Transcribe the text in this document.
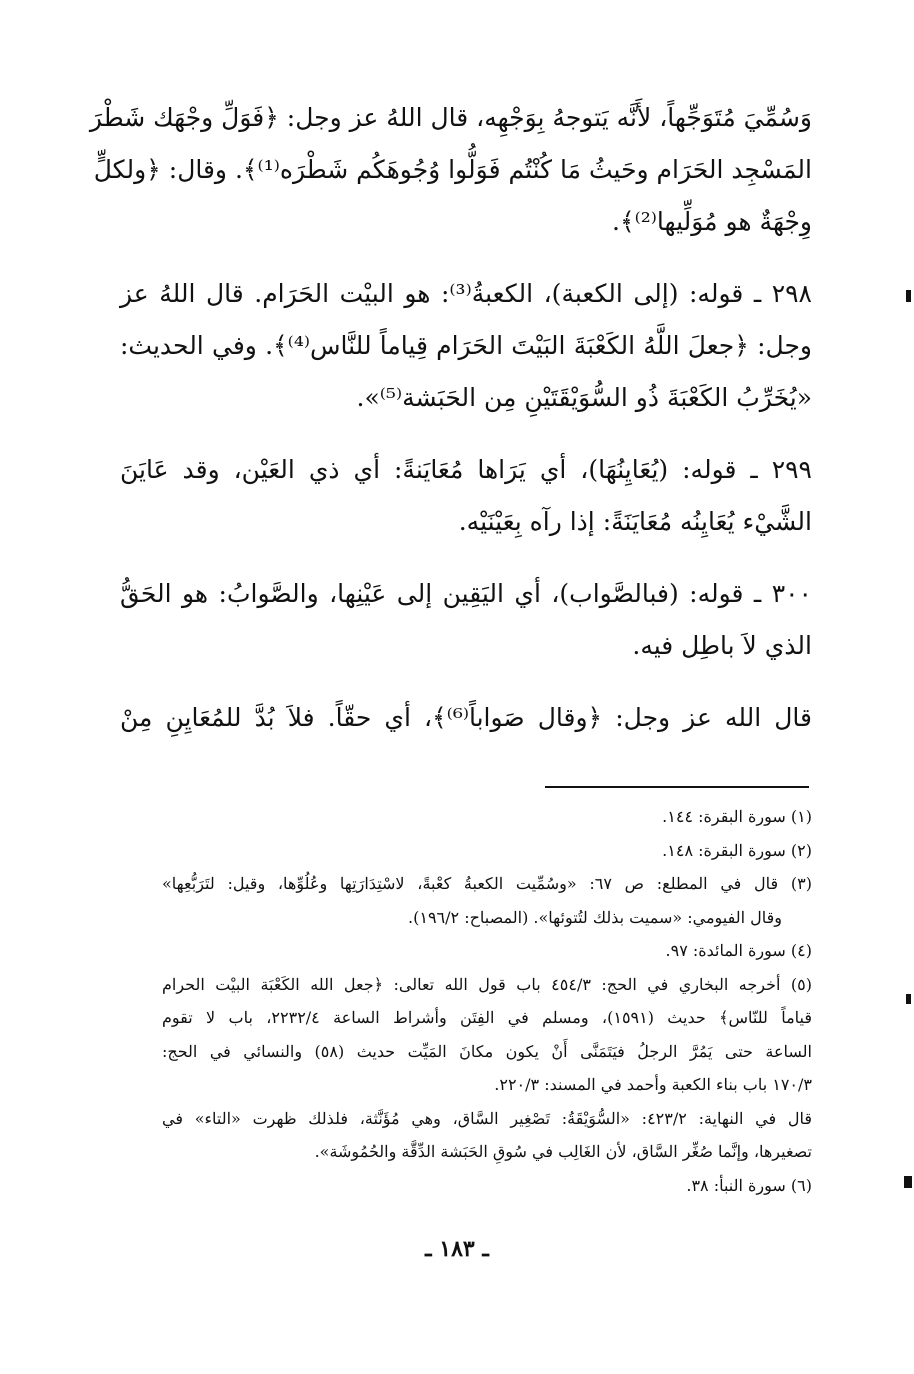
وَسُمِّيَ مُتَوَجِّهاً، لأَنَّه يَتوجهُ بِوَجْهِه، قال اللهُ عز وجل: ﴿فَوَلِّ وجْهَك شَطْرَ
المَسْجِد الحَرَام وحَيثُ مَا كُنْتُم فَوَلُّوا وُجُوهَكُم شَطْرَه⁽¹⁾﴾. وقال: ﴿ولكلٍّ
وِجْهَةٌ هو مُوَلِّيها⁽²⁾﴾.

٢٩٨ ـ قوله: (إلى الكعبة)، الكعبةُ⁽³⁾: هو البيْت الحَرَام. قال اللهُ عز
وجل: ﴿جعلَ اللَّهُ الكَعْبَةَ البَيْتَ الحَرَام قِياماً للنَّاس⁽⁴⁾﴾. وفي الحديث:
«يُخَرِّبُ الكَعْبَةَ ذُو السُّوَيْقَتَيْنِ مِن الحَبَشة⁽⁵⁾».

٢٩٩ ـ قوله: (يُعَايِنُهَا)، أي يَرَاها مُعَايَنةً: أي ذي العَيْن، وقد عَايَنَ
الشَّيْء يُعَايِنُه مُعَايَنَةً: إذا رآه بِعَيْنَيْه.

٣٠٠ ـ قوله: (فبالصَّواب)، أي اليَقِين إلى عَيْنِها، والصَّوابُ: هو الحَقُّ
الذي لاَ باطِل فيه.

قال الله عز وجل: ﴿وقال صَواباً⁽⁶⁾﴾، أي حقّاً. فلاَ بُدَّ للمُعَايِنِ مِنْ

(١) سورة البقرة: ١٤٤.
(٢) سورة البقرة: ١٤٨.
(٣) قال في المطلع: ص ٦٧: «وسُمِّيت الكعبةُ كعْبةً، لاسْتِدَارَتِها وعُلُوِّها، وقيل: لتَرَبُّعِها»
وقال الفيومي: «سميت بذلك لتُتوئها». (المصباح: ١٩٦/٢).
(٤) سورة المائدة: ٩٧.
(٥) أخرجه البخاري في الحج: ٤٥٤/٣ باب قول الله تعالى: ﴿جعل الله الكَعْبَة البيْت الحرام
قياماً للنّاس﴾ حديث (١٥٩١)، ومسلم في الفِتَن وأشراط الساعة ٢٢٣٢/٤، باب لا تقوم
الساعة حتى يَمُرَّ الرجلُ فيَتَمَنَّى أَنْ يكون مكانَ المَيِّت حديث (٥٨) والنسائي في الحج:
١٧٠/٣ باب بناء الكعبة وأحمد في المسند: ٢٢٠/٣.
قال في النهاية: ٤٢٣/٢: «السُّوَيْقَةُ: تَصْغِير السَّاق، وهي مُؤَنَّثة، فلذلك ظهرت «التاء» في
تصغيرها، وإنَّما صُغِّر السَّاق، لأن الغَالِب في سُوقِ الحَبَشة الدِّقَّة والحُمُوشَة».
(٦) سورة النبأ: ٣٨.
ـ ١٨٣ ـ
